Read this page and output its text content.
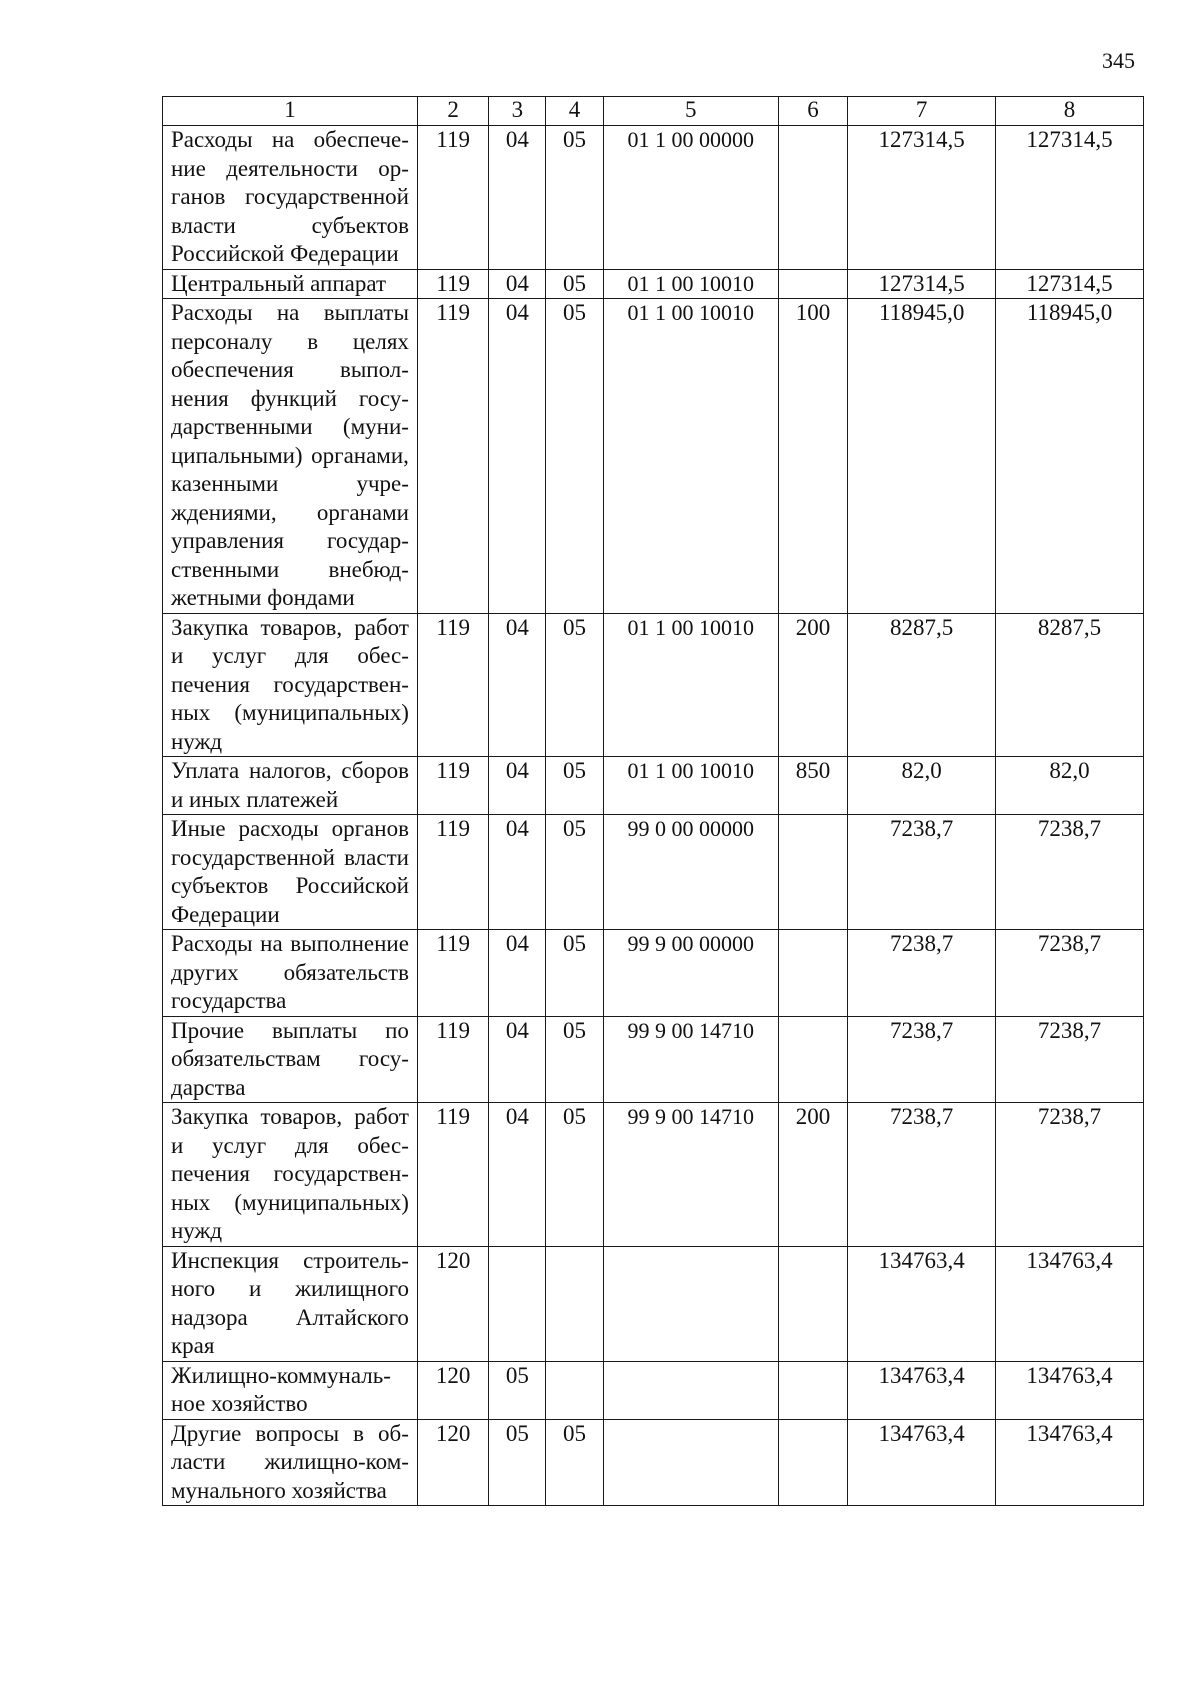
345
1	2	3	4	5	6	7	8
Расходы на обеспечение деятельности органов государственной власти субъектов Российской Федерации	119	04	05	01 1 00 00000		127314,5	127314,5
Центральный аппарат	119	04	05	01 1 00 10010		127314,5	127314,5
Расходы на выплаты персоналу в целях обеспечения выполнения функций государственными (муниципальными) органами, казенными учреждениями, органами управления государственными внебюджетными фондами	119	04	05	01 1 00 10010	100	118945,0	118945,0
Закупка товаров, работ и услуг для обеспечения государственных (муниципальных) нужд	119	04	05	01 1 00 10010	200	8287,5	8287,5
Уплата налогов, сборов и иных платежей	119	04	05	01 1 00 10010	850	82,0	82,0
Иные расходы органов государственной власти субъектов Российской Федерации	119	04	05	99 0 00 00000		7238,7	7238,7
Расходы на выполнение других обязательств государства	119	04	05	99 9 00 00000		7238,7	7238,7
Прочие выплаты по обязательствам государства	119	04	05	99 9 00 14710		7238,7	7238,7
Закупка товаров, работ и услуг для обеспечения государственных (муниципальных) нужд	119	04	05	99 9 00 14710	200	7238,7	7238,7
Инспекция строительного и жилищного надзора Алтайского края	120					134763,4	134763,4
Жилищно-коммунальное хозяйство	120	05				134763,4	134763,4
Другие вопросы в области жилищно-коммунального хозяйства	120	05	05			134763,4	134763,4
